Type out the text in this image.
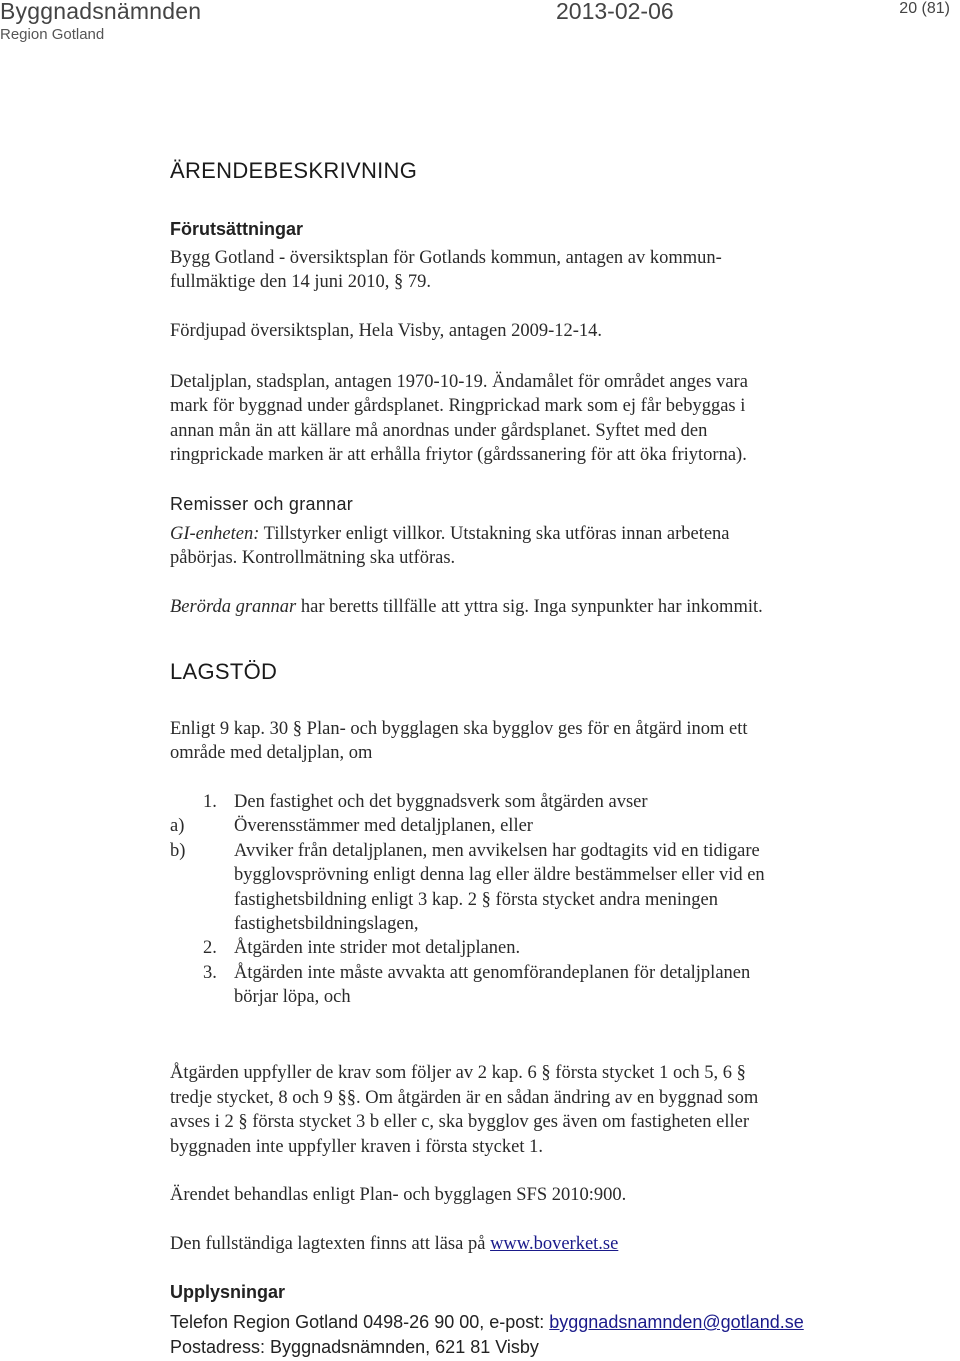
Byggnadsnämnden
Region Gotland
2013-02-06	20 (81)
ÄRENDEBESKRIVNING
Förutsättningar
Bygg Gotland - översiktsplan för Gotlands kommun, antagen av kommun-
fullmäktige den 14 juni 2010, § 79.
Fördjupad översiktsplan, Hela Visby, antagen 2009-12-14.
Detaljplan, stadsplan, antagen 1970-10-19. Ändamålet för området anges vara
mark för byggnad under gårdsplanet. Ringprickad mark som ej får bebyggas i
annan mån än att källare må anordnas under gårdsplanet. Syftet med den
ringprickade marken är att erhålla friytor (gårdssanering för att öka friytorna).
Remisser och grannar
GI-enheten: Tillstyrker enligt villkor. Utstakning ska utföras innan arbetena
påbörjas. Kontrollmätning ska utföras.
Berörda grannar har beretts tillfälle att yttra sig. Inga synpunkter har inkommit.
LAGSTÖD
Enligt 9 kap. 30 § Plan- och bygglagen ska bygglov ges för en åtgärd inom ett
område med detaljplan, om
1. Den fastighet och det byggnadsverk som åtgärden avser
a)	Överensstämmer med detaljplanen, eller
b)	Avviker från detaljplanen, men avvikelsen har godtagits vid en tidigare
bygglovsprövning enligt denna lag eller äldre bestämmelser eller vid en
fastighetsbildning enligt 3 kap. 2 § första stycket andra meningen
fastighetsbildningslagen,
2. Åtgärden inte strider mot detaljplanen.
3. Åtgärden inte måste avvakta att genomförandeplanen för detaljplanen
börjar löpa, och
Åtgärden uppfyller de krav som följer av 2 kap. 6 § första stycket 1 och 5, 6 §
tredje stycket, 8 och 9 §§. Om åtgärden är en sådan ändring av en byggnad som
avses i 2 § första stycket 3 b eller c, ska bygglov ges även om fastigheten eller
byggnaden inte uppfyller kraven i första stycket 1.
Ärendet behandlas enligt Plan- och bygglagen SFS 2010:900.
Den fullständiga lagtexten finns att läsa på www.boverket.se
Upplysningar
Telefon Region Gotland 0498-26 90 00, e-post: byggnadsnamnden@gotland.se
Postadress: Byggnadsnämnden, 621 81 Visby
